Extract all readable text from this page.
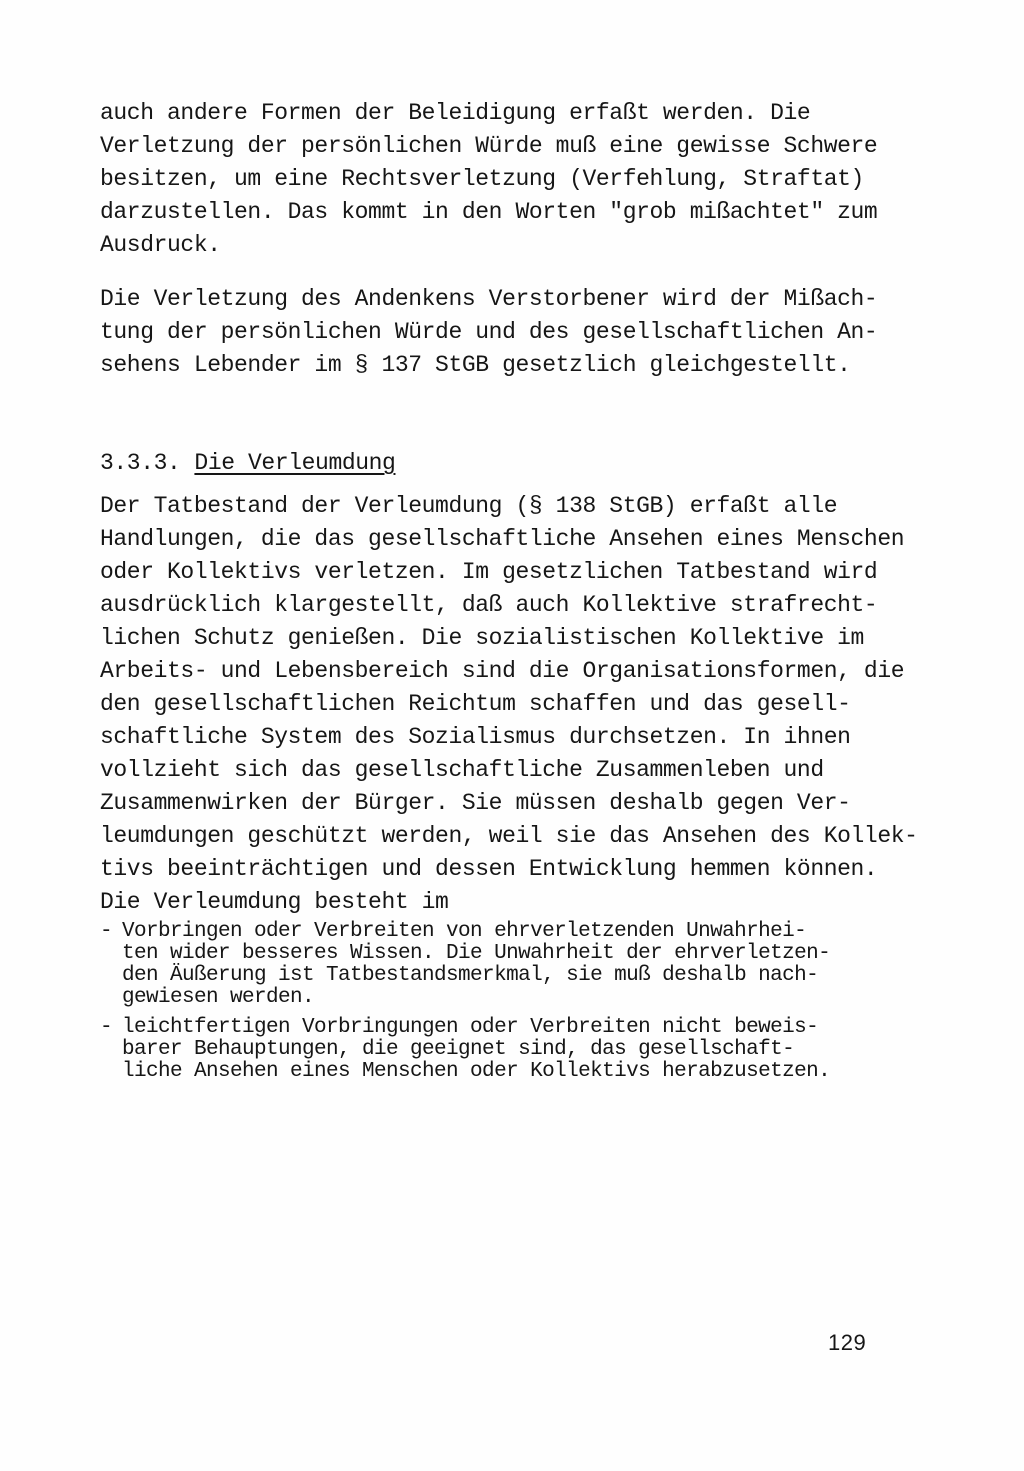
auch andere Formen der Beleidigung erfaßt werden. Die
Verletzung der persönlichen Würde muß eine gewisse Schwere
besitzen, um eine Rechtsverletzung (Verfehlung, Straftat)
darzustellen. Das kommt in den Worten "grob mißachtet" zum
Ausdruck.
Die Verletzung des Andenkens Verstorbener wird der Mißach-
tung der persönlichen Würde und des gesellschaftlichen An-
sehens Lebender im § 137 StGB gesetzlich gleichgestellt.
3.3.3. Die Verleumdung
Der Tatbestand der Verleumdung (§ 138 StGB) erfaßt alle
Handlungen, die das gesellschaftliche Ansehen eines Menschen
oder Kollektivs verletzen. Im gesetzlichen Tatbestand wird
ausdrücklich klargestellt, daß auch Kollektive strafrecht-
lichen Schutz genießen. Die sozialistischen Kollektive im
Arbeits- und Lebensbereich sind die Organisationsformen, die
den gesellschaftlichen Reichtum schaffen und das gesell-
schaftliche System des Sozialismus durchsetzen. In ihnen
vollzieht sich das gesellschaftliche Zusammenleben und
Zusammenwirken der Bürger. Sie müssen deshalb gegen Ver-
leumdungen geschützt werden, weil sie das Ansehen des Kollek-
tivs beeinträchtigen und dessen Entwicklung hemmen können.
Die Verleumdung besteht im
- Vorbringen oder Verbreiten von ehrverletzenden Unwahrhei-
ten wider besseres Wissen. Die Unwahrheit der ehrverletzen-
den Äußerung ist Tatbestandsmerkmal, sie muß deshalb nach-
gewiesen werden.
- leichtfertigen Vorbringungen oder Verbreiten nicht beweis-
barer Behauptungen, die geeignet sind, das gesellschaft-
liche Ansehen eines Menschen oder Kollektivs herabzusetzen.
129
